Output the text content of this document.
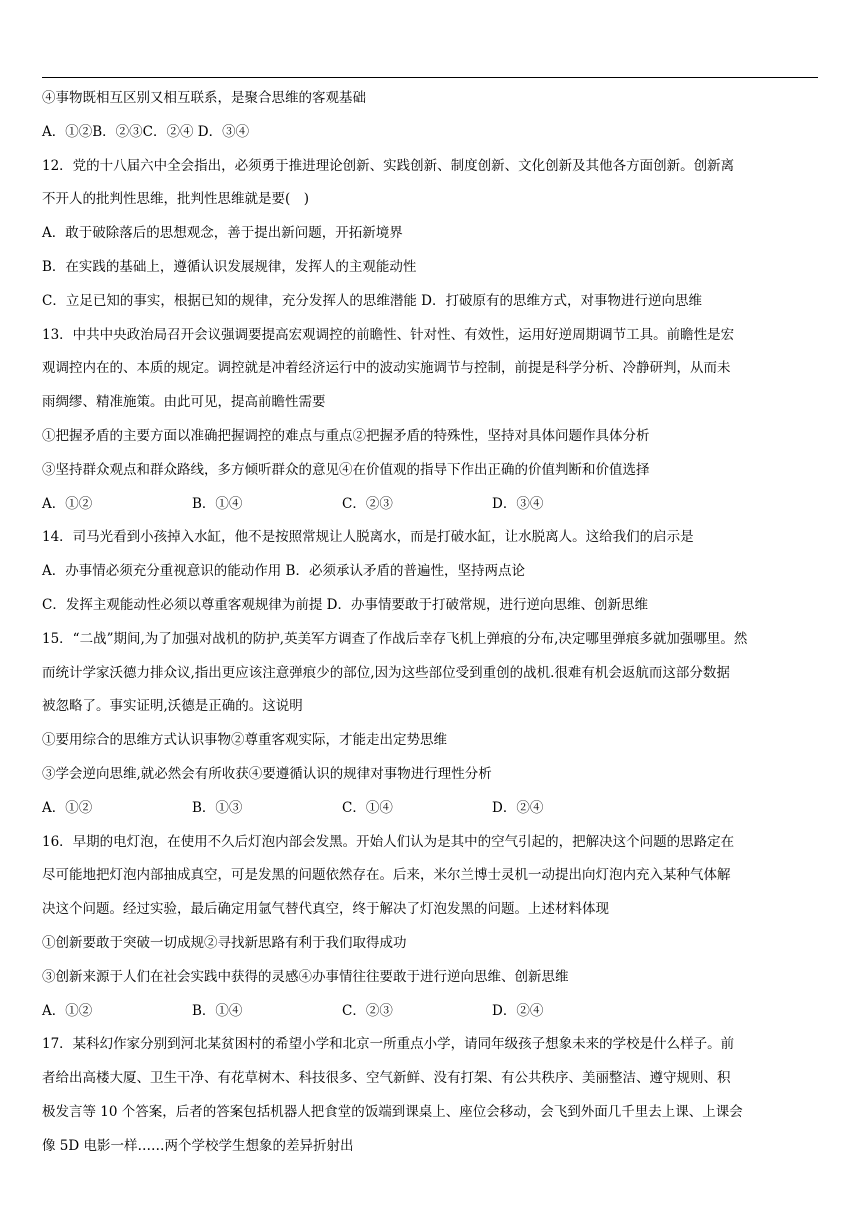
④事物既相互区别又相互联系，是聚合思维的客观基础
A．①②B．②③C．②④ D．③④
12．党的十八届六中全会指出，必须勇于推进理论创新、实践创新、制度创新、文化创新及其他各方面创新。创新离
不开人的批判性思维，批判性思维就是要(　)
A．敢于破除落后的思想观念，善于提出新问题，开拓新境界
B．在实践的基础上，遵循认识发展规律，发挥人的主观能动性
C．立足已知的事实，根据已知的规律，充分发挥人的思维潜能 D．打破原有的思维方式，对事物进行逆向思维
13．中共中央政治局召开会议强调要提高宏观调控的前瞻性、针对性、有效性，运用好逆周期调节工具。前瞻性是宏
观调控内在的、本质的规定。调控就是冲着经济运行中的波动实施调节与控制，前提是科学分析、冷静研判，从而未
雨绸缪、精准施策。由此可见，提高前瞻性需要
①把握矛盾的主要方面以准确把握调控的难点与重点②把握矛盾的特殊性，坚持对具体问题作具体分析
③坚持群众观点和群众路线，多方倾听群众的意见④在价值观的指导下作出正确的价值判断和价值选择
A．①②	B．①④	C．②③	D．③④
14．司马光看到小孩掉入水缸，他不是按照常规让人脱离水，而是打破水缸，让水脱离人。这给我们的启示是
A．办事情必须充分重视意识的能动作用 B．必须承认矛盾的普遍性，坚持两点论
C．发挥主观能动性必须以尊重客观规律为前提 D．办事情要敢于打破常规，进行逆向思维、创新思维
15．“二战”期间,为了加强对战机的防护,英美军方调查了作战后幸存飞机上弹痕的分布,决定哪里弹痕多就加强哪里。然
而统计学家沃德力排众议,指出更应该注意弹痕少的部位,因为这些部位受到重创的战机.很难有机会返航而这部分数据
被忽略了。事实证明,沃德是正确的。这说明
①要用综合的思维方式认识事物②尊重客观实际，才能走出定势思维
③学会逆向思维,就必然会有所收获④要遵循认识的规律对事物进行理性分析
A．①②	B．①③	C．①④	D．②④
16．早期的电灯泡，在使用不久后灯泡内部会发黑。开始人们认为是其中的空气引起的，把解决这个问题的思路定在
尽可能地把灯泡内部抽成真空，可是发黑的问题依然存在。后来，米尔兰博士灵机一动提出向灯泡内充入某种气体解
决这个问题。经过实验，最后确定用氩气替代真空，终于解决了灯泡发黑的问题。上述材料体现
①创新要敢于突破一切成规②寻找新思路有利于我们取得成功
③创新来源于人们在社会实践中获得的灵感④办事情往往要敢于进行逆向思维、创新思维
A．①②	B．①④	C．②③	D．②④
17．某科幻作家分别到河北某贫困村的希望小学和北京一所重点小学，请同年级孩子想象未来的学校是什么样子。前
者给出高楼大厦、卫生干净、有花草树木、科技很多、空气新鲜、没有打架、有公共秩序、美丽整洁、遵守规则、积
极发言等 10 个答案，后者的答案包括机器人把食堂的饭端到课桌上、座位会移动，会飞到外面几千里去上课、上课会
像 5D 电影一样……两个学校学生想象的差异折射出
